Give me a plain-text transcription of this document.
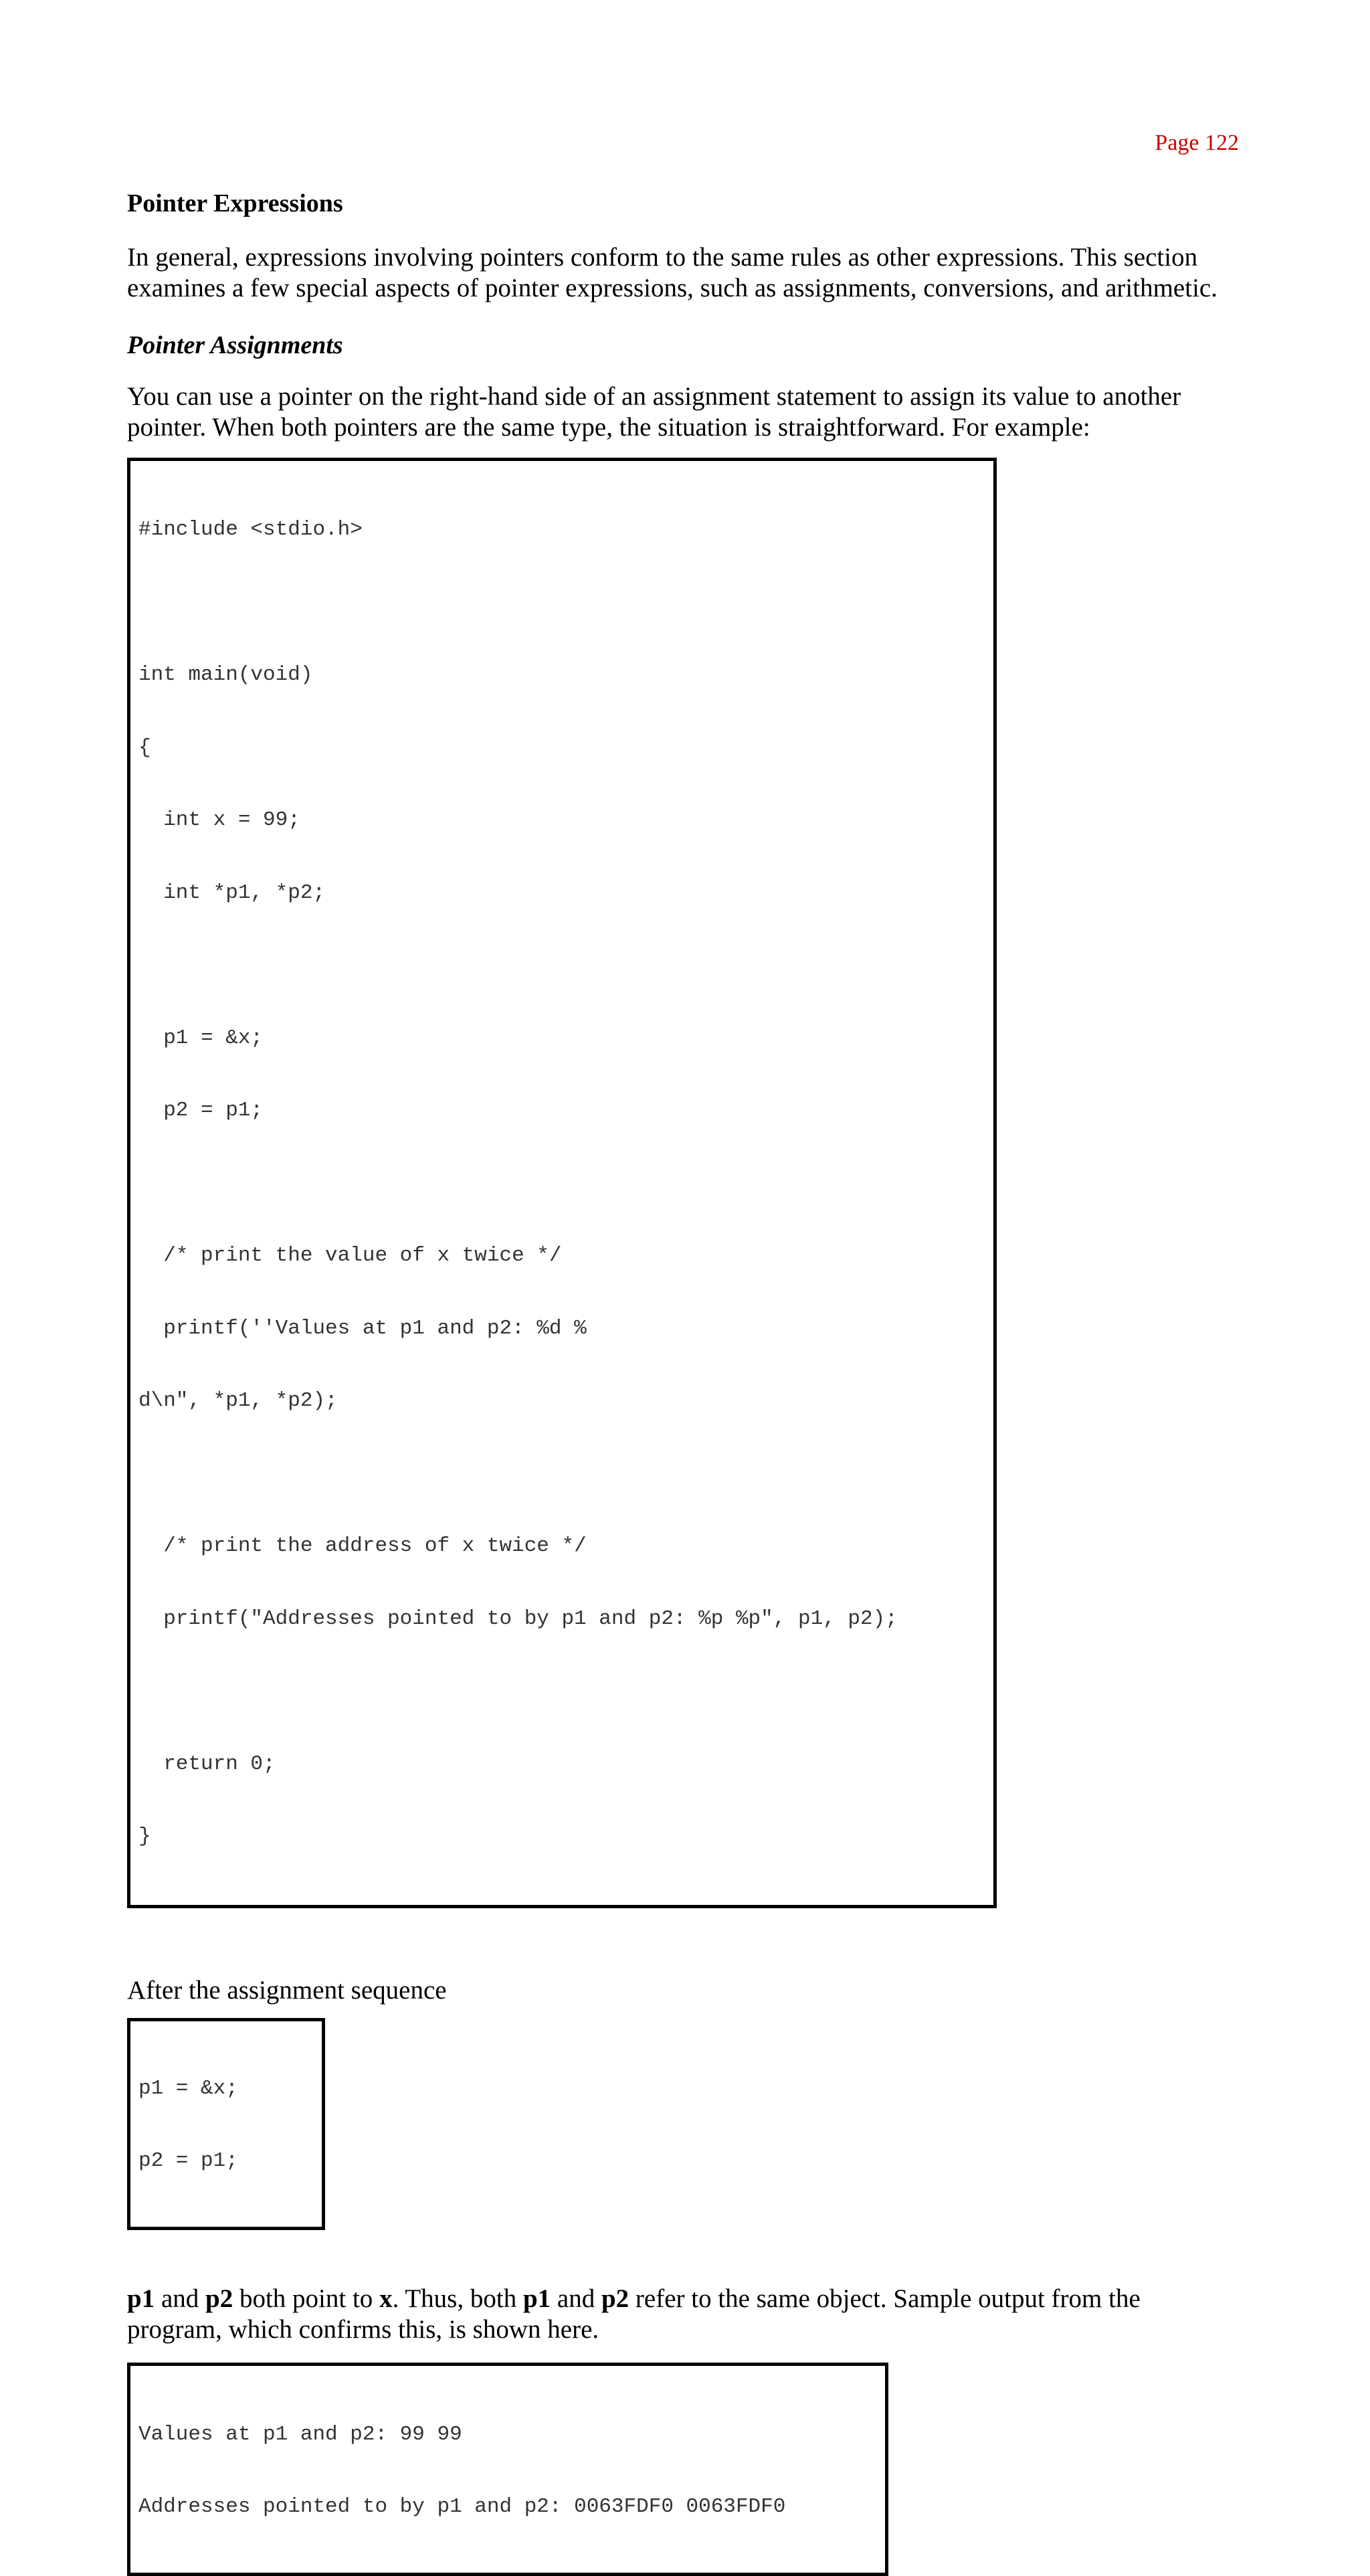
Page 122
Pointer Expressions
In general, expressions involving pointers conform to the same rules as other expressions. This section examines a few special aspects of pointer expressions, such as assignments, conversions, and arithmetic.
Pointer Assignments
You can use a pointer on the right-hand side of an assignment statement to assign its value to another pointer. When both pointers are the same type, the situation is straightforward. For example:

#include <stdio.h>

int main(void)

{

int x = 99;

int *p1, *p2;

p1 = &x;

p2 = p1;

/* print the value of x twice */

printf(''Values at p1 and p2: %d %

d\n", *p1, *p2);

/* print the address of x twice */

printf("Addresses pointed to by p1 and p2: %p %p", p1, p2);

return 0;

}

After the assignment sequence

p1 = &x;

p2 = p1;

p1 and p2 both point to x. Thus, both p1 and p2 refer to the same object. Sample output from the program, which confirms this, is shown here.

Values at p1 and p2: 99 99

Addresses pointed to by p1 and p2: 0063FDF0 0063FDF0
